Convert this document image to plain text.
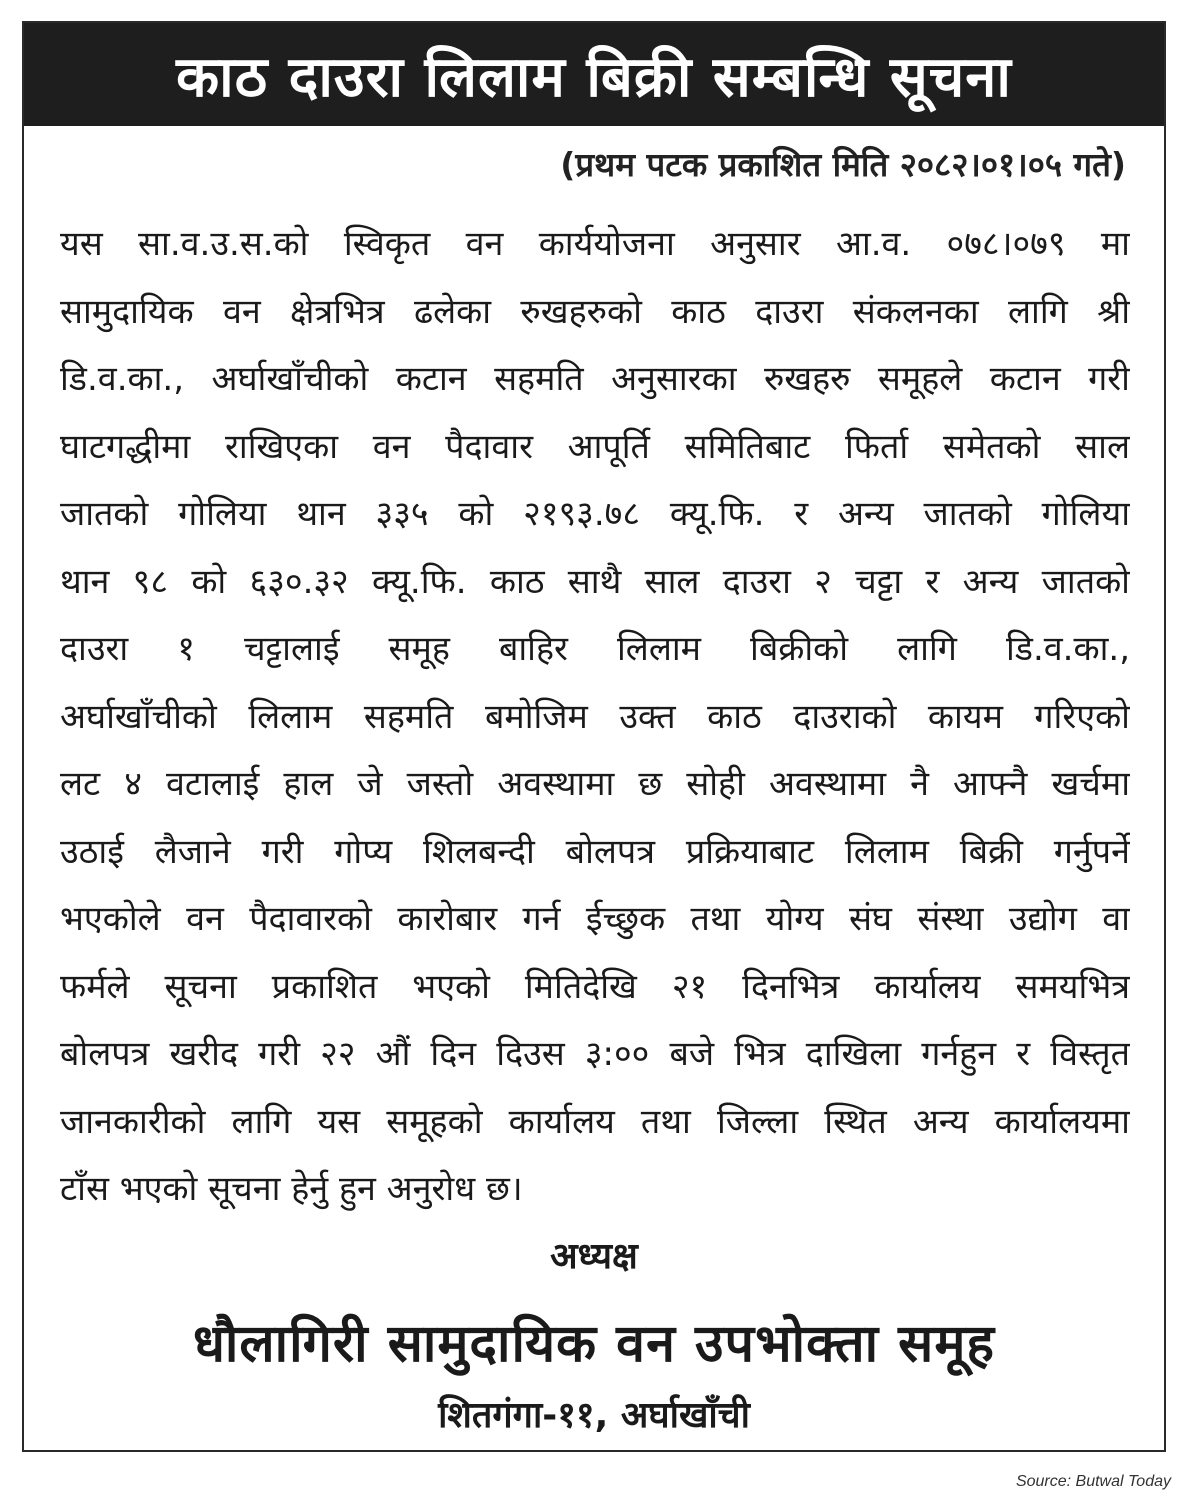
काठ दाउरा लिलाम बिक्री सम्बन्धि सूचना
(प्रथम पटक प्रकाशित मिति २०८२।०१।०५ गते)
यस सा.व.उ.स.को स्विकृत वन कार्ययोजना अनुसार आ.व. ०७८।०७९ मा
सामुदायिक वन क्षेत्रभित्र ढलेका रुखहरुको काठ दाउरा संकलनका लागि श्री
डि.व.का., अर्घाखाँचीको कटान सहमति अनुसारका रुखहरु समूहले कटान गरी
घाटगद्धीमा राखिएका वन पैदावार आपूर्ति समितिबाट फिर्ता समेतको साल
जातको गोलिया थान ३३५ को २१९३.७८ क्यू.फि. र अन्य जातको गोलिया
थान ९८ को ६३०.३२ क्यू.फि. काठ साथै साल दाउरा २ चट्टा र अन्य जातको
दाउरा १ चट्टालाई समूह बाहिर लिलाम बिक्रीको लागि डि.व.का.,
अर्घाखाँचीको लिलाम सहमति बमोजिम उक्त काठ दाउराको कायम गरिएको
लट ४ वटालाई हाल जे जस्तो अवस्थामा छ सोही अवस्थामा नै आफ्नै खर्चमा
उठाई लैजाने गरी गोप्य शिलबन्दी बोलपत्र प्रक्रियाबाट लिलाम बिक्री गर्नुपर्ने
भएकोले वन पैदावारको कारोबार गर्न ईच्छुक तथा योग्य संघ संस्था उद्योग वा
फर्मले सूचना प्रकाशित भएको मितिदेखि २१ दिनभित्र कार्यालय समयभित्र
बोलपत्र खरीद गरी २२ औं दिन दिउस ३:०० बजे भित्र दाखिला गर्नहुन र विस्तृत
जानकारीको लागि यस समूहको कार्यालय तथा जिल्ला स्थित अन्य कार्यालयमा
टाँस भएको सूचना हेर्नु हुन अनुरोध छ।
अध्यक्ष
धौलागिरी सामुदायिक वन उपभोक्ता समूह
शितगंगा-११, अर्घाखाँची
Source: Butwal Today
